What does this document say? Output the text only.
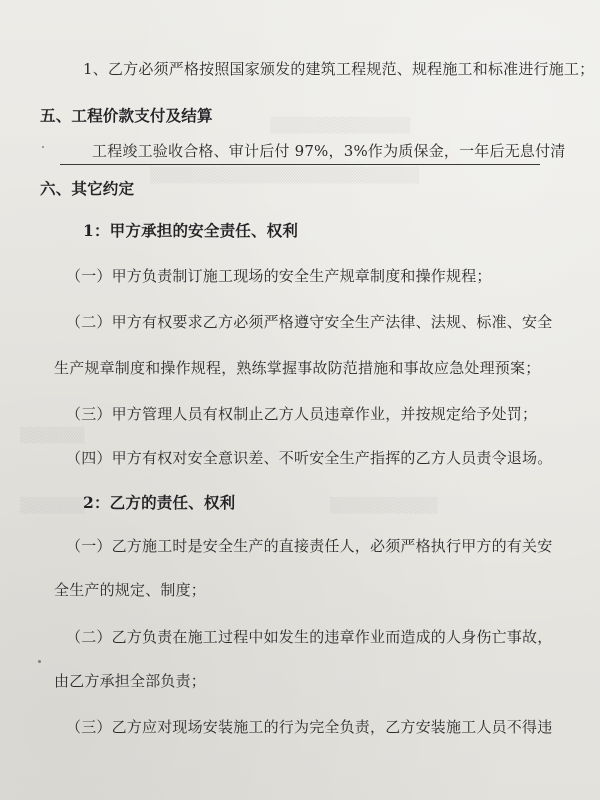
▒▒▒▒▒▒▒▒▒▒▒▒▒
▒▒▒▒▒▒▒▒▒▒▒▒▒▒▒▒▒▒▒▒▒▒▒▒▒
▒▒▒▒▒▒
▒▒▒▒▒▒	▒▒▒▒▒▒▒▒▒▒
1、乙方必须严格按照国家颁发的建筑工程规范、规程施工和标准进行施工；
五、工程价款支付及结算
工程竣工验收合格、审计后付 97%，3%作为质保金，一年后无息付清
六、其它约定
1：甲方承担的安全责任、权利
（一）甲方负责制订施工现场的安全生产规章制度和操作规程；
（二）甲方有权要求乙方必须严格遵守安全生产法律、法规、标准、安全
生产规章制度和操作规程，熟练掌握事故防范措施和事故应急处理预案；
（三）甲方管理人员有权制止乙方人员违章作业，并按规定给予处罚；
（四）甲方有权对安全意识差、不听安全生产指挥的乙方人员责令退场。
2：乙方的责任、权利
（一）乙方施工时是安全生产的直接责任人，必须严格执行甲方的有关安
全生产的规定、制度；
（二）乙方负责在施工过程中如发生的违章作业而造成的人身伤亡事故，
由乙方承担全部负责；
（三）乙方应对现场安装施工的行为完全负责，乙方安装施工人员不得违
